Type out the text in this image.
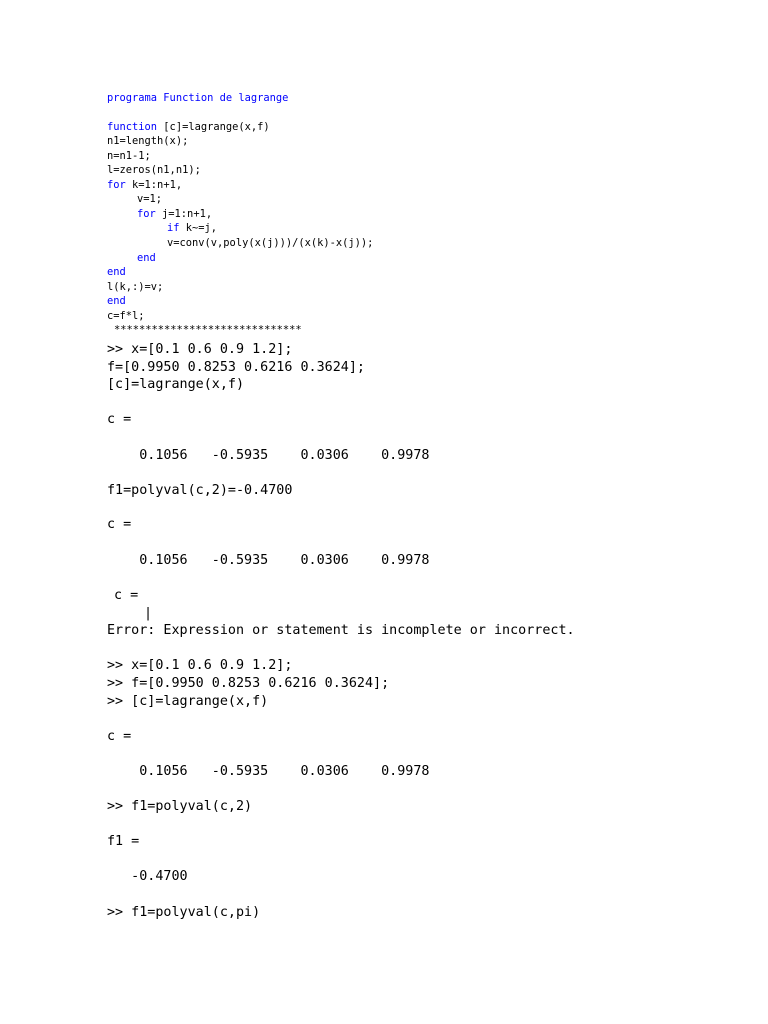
programa Function de lagrange

function [c]=lagrange(x,f)

n1=length(x);

n=n1-1;

l=zeros(n1,n1);

for k=1:n+1,

v=1;

for j=1:n+1,

if k~=j,

v=conv(v,poly(x(j)))/(x(k)-x(j));

end

end

l(k,:)=v;

end

c=f*l;

******************************

>> x=[0.1 0.6 0.9 1.2];

f=[0.9950 0.8253 0.6216 0.3624];

[c]=lagrange(x,f)

c =

0.1056   -0.5935    0.0306    0.9978

f1=polyval(c,2)=-0.4700

c =

0.1056   -0.5935    0.0306    0.9978

c =

|

Error: Expression or statement is incomplete or incorrect.

>> x=[0.1 0.6 0.9 1.2];

>> f=[0.9950 0.8253 0.6216 0.3624];

>> [c]=lagrange(x,f)

c =

0.1056   -0.5935    0.0306    0.9978

>> f1=polyval(c,2)

f1 =

-0.4700

>> f1=polyval(c,pi)
